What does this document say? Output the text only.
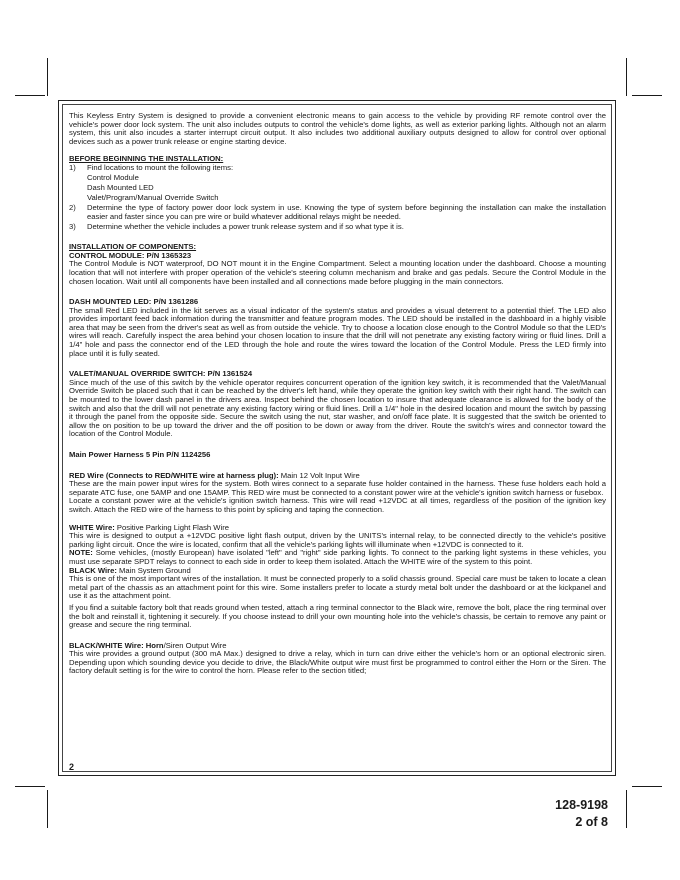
This Keyless Entry System is designed to provide a convenient electronic means to gain access to the vehicle by providing RF remote control over the vehicle's power door lock system. The unit also includes outputs to control the vehicle's dome lights, as well as exterior parking lights. Although not an alarm system, this unit also incudes a starter interrupt circuit output. It also includes two additional auxiliary outputs designed to allow for control over optional devices such as a power trunk release or engine starting device.

BEFORE BEGINNING THE INSTALLATION:

1)	Find locations to mount the following items:

Control Module

Dash Mounted LED

Valet/Program/Manual Override Switch

2)	Determine the type of factory power door lock system in use. Knowing the type of system before beginning the installation can make the installation easier and faster since you can pre wire or build whatever additional relays might be needed.
3)	Determine whether the vehicle includes a power trunk release system and if so what type it is.

INSTALLATION OF COMPONENTS:

CONTROL MODULE: P/N 1365323

The Control Module is NOT waterproof, DO NOT mount it in the Engine Compartment. Select a mounting location under the dashboard. Choose a mounting location that will not interfere with proper operation of the vehicle's steering column mechanism and brake and gas pedals. Secure the Control Module in the chosen location. Wait until all components have been installed and all connections made before plugging in the main connectors.

DASH MOUNTED LED: P/N 1361286

The small Red LED included in the kit serves as a visual indicator of the system's status and provides a visual deterrent to a potential thief. The LED also provides important feed back information during the transmitter and feature program modes. The LED should be installed in the dashboard in a highly visible area that may be seen from the driver's seat as well as from outside the vehicle. Try to choose a location close enough to the Control Module so that the LED's wires will reach. Carefully inspect the area behind your chosen location to insure that the drill will not penetrate any existing factory wiring or fluid lines. Drill a 1/4" hole and pass the connector end of the LED through the hole and route the wires toward the location of the Control Module. Press the LED firmly into place until it is fully seated.

VALET/MANUAL OVERRIDE SWITCH: P/N 1361524

Since much of the use of this switch by the vehicle operator requires concurrent operation of the ignition key switch, it is recommended that the Valet/Manual Override Switch be placed such that it can be reached by the driver's left hand, while they operate the ignition key switch with their right hand. The switch can be mounted to the lower dash panel in the drivers area. Inspect behind the chosen location to insure that adequate clearance is allowed for the body of the switch and also that the drill will not penetrate any existing factory wiring or fluid lines. Drill a 1/4" hole in the desired location and mount the switch by passing it through the panel from the opposite side. Secure the switch using the nut, star washer, and on/off face plate. It is suggested that the switch be oriented to allow the on position to be up toward the driver and the off position to be down or away from the driver. Route the switch's wires and connector toward the location of the Control Module.

Main Power Harness 5 Pin P/N 1124256

RED Wire (Connects to RED/WHITE wire at harness plug): Main 12 Volt Input Wire

These are the main power input wires for the system. Both wires connect to a separate fuse holder contained in the harness. These fuse holders each hold a separate ATC fuse, one 5AMP and one 15AMP. This RED wire must be connected to a constant power wire at the vehicle's ignition switch harness or fusebox.

Locate a constant power wire at the vehicle's ignition switch harness. This wire will read +12VDC at all times, regardless of the position of the ignition key switch. Attach the RED wire of the harness to this point by splicing and taping the connection.

WHITE Wire: Positive Parking Light Flash Wire

This wire is designed to output a +12VDC positive light flash output, driven by the UNITS's internal relay, to be connected directly to the vehicle's positive parking light circuit. Once the wire is located, confirm that all the vehicle's parking lights will illuminate when +12VDC is connected to it.

NOTE: Some vehicles, (mostly European) have isolated "left" and "right" side parking lights. To connect to the parking light systems in these vehicles, you must use separate SPDT relays to connect to each side in order to keep them isolated. Attach the WHITE wire of the system to this point.

BLACK Wire: Main System Ground

This is one of the most important wires of the installation. It must be connected properly to a solid chassis ground. Special care must be taken to locate a clean metal part of the chassis as an attachment point for this wire. Some installers prefer to locate a sturdy metal bolt under the dashboard or at the kickpanel and use it as the attachment point.

If you find a suitable factory bolt that reads ground when tested, attach a ring terminal connector to the Black wire, remove the bolt, place the ring terminal over the bolt and reinstall it, tightening it securely. If you choose instead to drill your own mounting hole into the vehicle's chassis, be certain to remove any paint or grease and secure the ring terminal.

BLACK/WHITE Wire: Horn/Siren Output Wire

This wire provides a ground output (300 mA Max.) designed to drive a relay, which in turn can drive either the vehicle's horn or an optional electronic siren. Depending upon which sounding device you decide to drive, the Black/White output wire must first be programmed to control either the Horn or the Siren. The factory default setting is for the wire to control the horn. Please refer to the section titled;

2
128-9198
2 of 8
